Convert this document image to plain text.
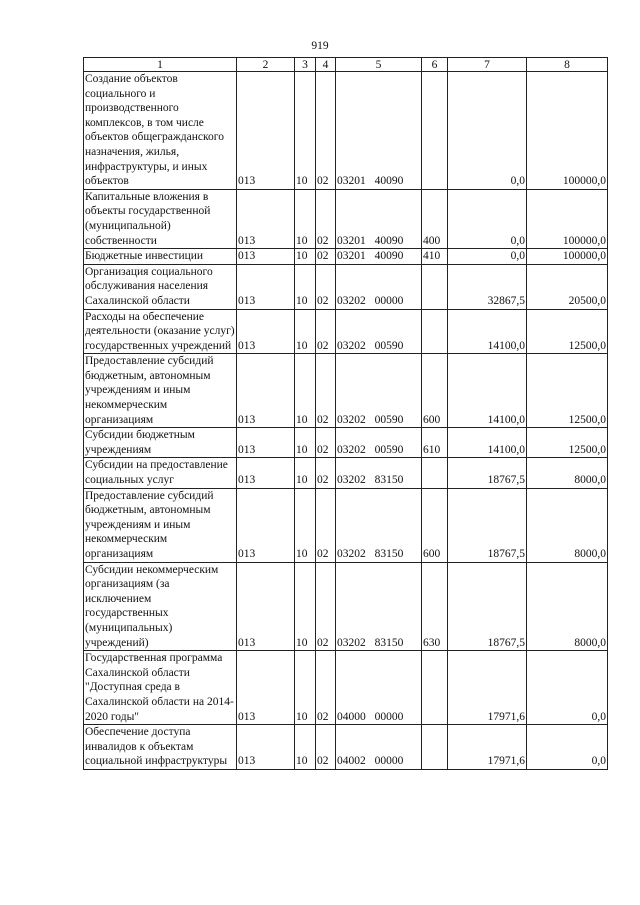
919
1	2	3	4	5	6	7	8
Создание объектов социального и производственного комплексов, в том числе объектов общегражданского назначения, жилья, инфраструктуры, и иных объектов	013	10	02	03201 40090		0,0	100000,0
Капитальные вложения в объекты государственной (муниципальной) собственности	013	10	02	03201 40090	400	0,0	100000,0
Бюджетные инвестиции	013	10	02	03201 40090	410	0,0	100000,0
Организация социального обслуживания населения Сахалинской области	013	10	02	03202 00000		32867,5	20500,0
Расходы на обеспечение деятельности (оказание услуг) государственных учреждений	013	10	02	03202 00590		14100,0	12500,0
Предоставление субсидий бюджетным, автономным учреждениям и иным некоммерческим организациям	013	10	02	03202 00590	600	14100,0	12500,0
Субсидии бюджетным учреждениям	013	10	02	03202 00590	610	14100,0	12500,0
Субсидии на предоставление социальных услуг	013	10	02	03202 83150		18767,5	8000,0
Предоставление субсидий бюджетным, автономным учреждениям и иным некоммерческим организациям	013	10	02	03202 83150	600	18767,5	8000,0
Субсидии некоммерческим организациям (за исключением государственных (муниципальных) учреждений)	013	10	02	03202 83150	630	18767,5	8000,0
Государственная программа Сахалинской области "Доступная среда в Сахалинской области на 2014-2020 годы"	013	10	02	04000 00000		17971,6	0,0
Обеспечение доступа инвалидов к объектам социальной инфраструктуры	013	10	02	04002 00000		17971,6	0,0
